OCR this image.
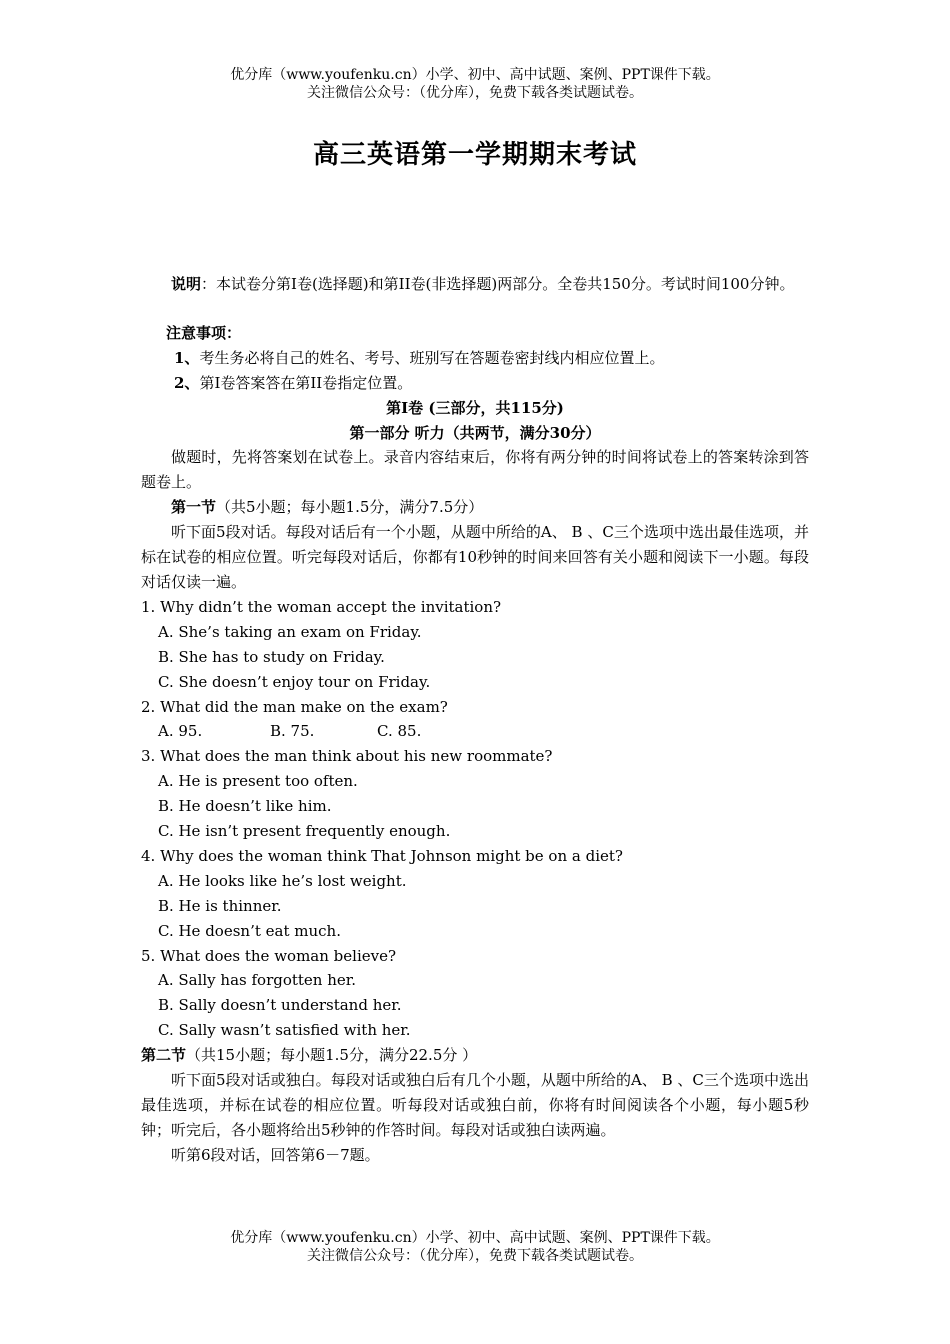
优分库（www.youfenku.cn）小学、初中、高中试题、案例、PPT课件下载。
关注微信公众号：（优分库），免费下载各类试题试卷。
高三英语第一学期期末考试

说明：本试卷分第I卷(选择题)和第II卷(非选择题)两部分。全卷共150分。考试时间100分钟。

注意事项：

1、考生务必将自己的姓名、考号、班别写在答题卷密封线内相应位置上。

2、第I卷答案答在第II卷指定位置。

第I卷 (三部分，共115分)

第一部分 听力（共两节，满分30分）

做题时，先将答案划在试卷上。录音内容结束后，你将有两分钟的时间将试卷上的答案转涂到答题卷上。

第一节（共5小题；每小题1.5分，满分7.5分）

听下面5段对话。每段对话后有一个小题，从题中所给的A、 B 、C三个选项中选出最佳选项，并标在试卷的相应位置。听完每段对话后，你都有10秒钟的时间来回答有关小题和阅读下一小题。每段对话仅读一遍。

1. Why didn’t the woman accept the invitation?

A. She’s taking an exam on Friday.

B. She has to study on Friday.

C. She doesn’t enjoy tour on Friday.

2. What did the man make on the exam?

A. 95.	B. 75.	C. 85.

3. What does the man think about his new roommate?

A. He is present too often.

B. He doesn’t like him.

C. He isn’t present frequently enough.

4. Why does the woman think That Johnson might be on a diet?

A. He looks like he’s lost weight.

B. He is thinner.

C. He doesn’t eat much.

5. What does the woman believe?

A. Sally has forgotten her.

B. Sally doesn’t understand her.

C. Sally wasn’t satisfied with her.

第二节（共15小题；每小题1.5分，满分22.5分 ）

听下面5段对话或独白。每段对话或独白后有几个小题，从题中所给的A、 B 、C三个选项中选出最佳选项，并标在试卷的相应位置。听每段对话或独白前，你将有时间阅读各个小题，每小题5秒钟；听完后，各小题将给出5秒钟的作答时间。每段对话或独白读两遍。

听第6段对话，回答第6－7题。

优分库（www.youfenku.cn）小学、初中、高中试题、案例、PPT课件下载。
关注微信公众号：（优分库），免费下载各类试题试卷。
